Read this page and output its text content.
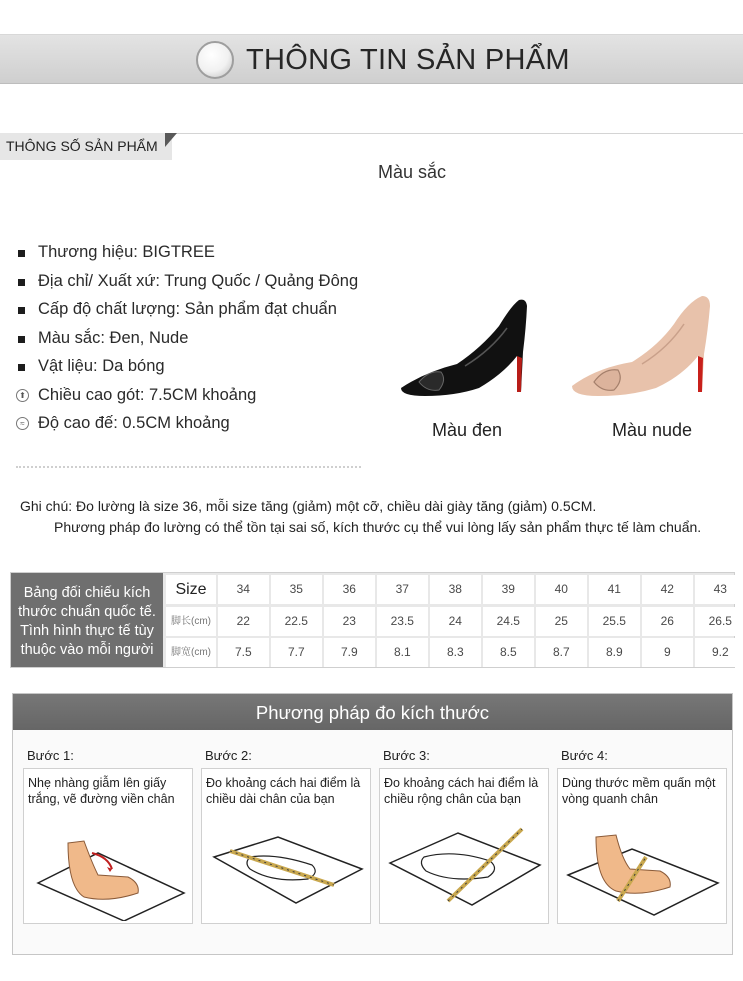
THÔNG TIN SẢN PHẨM
THÔNG SỐ SẢN PHẨM
Màu sắc
Thương hiệu: BIGTREE
Địa chỉ/ Xuất xứ: Trung Quốc / Quảng Đông
Cấp độ chất lượng: Sản phẩm đạt chuẩn
Màu sắc: Đen, Nude
Vật liệu: Da bóng
⬆ Chiều cao gót: 7.5CM khoảng
≈ Độ cao đế: 0.5CM khoảng	Màu đen	Màu nude
Ghi chú: Đo lường là size 36, mỗi size tăng (giảm) một cỡ, chiều dài giày tăng (giảm) 0.5CM.
Phương pháp đo lường có thể tồn tại sai số, kích thước cụ thể vui lòng lấy sản phẩm thực tế làm chuẩn.
Bảng đối chiếu kích
thước chuẩn quốc tế.
Tình hình thực tế tùy
thuộc vào mỗi người
Size	34	35	36	37	38	39	40	41	42	43
脚长(cm)	22	22.5	23	23.5	24	24.5	25	25.5	26	26.5
脚宽(cm)	7.5	7.7	7.9	8.1	8.3	8.5	8.7	8.9	9	9.2
Phương pháp đo kích thước
Bước 1:
Nhẹ nhàng giẫm lên giấy trắng, vẽ đường viền chân
Bước 2:
Đo khoảng cách hai điểm là chiều dài chân của bạn
Bước 3:
Đo khoảng cách hai điểm là chiều rộng chân của bạn
Bước 4:
Dùng thước mềm quấn một vòng quanh chân
